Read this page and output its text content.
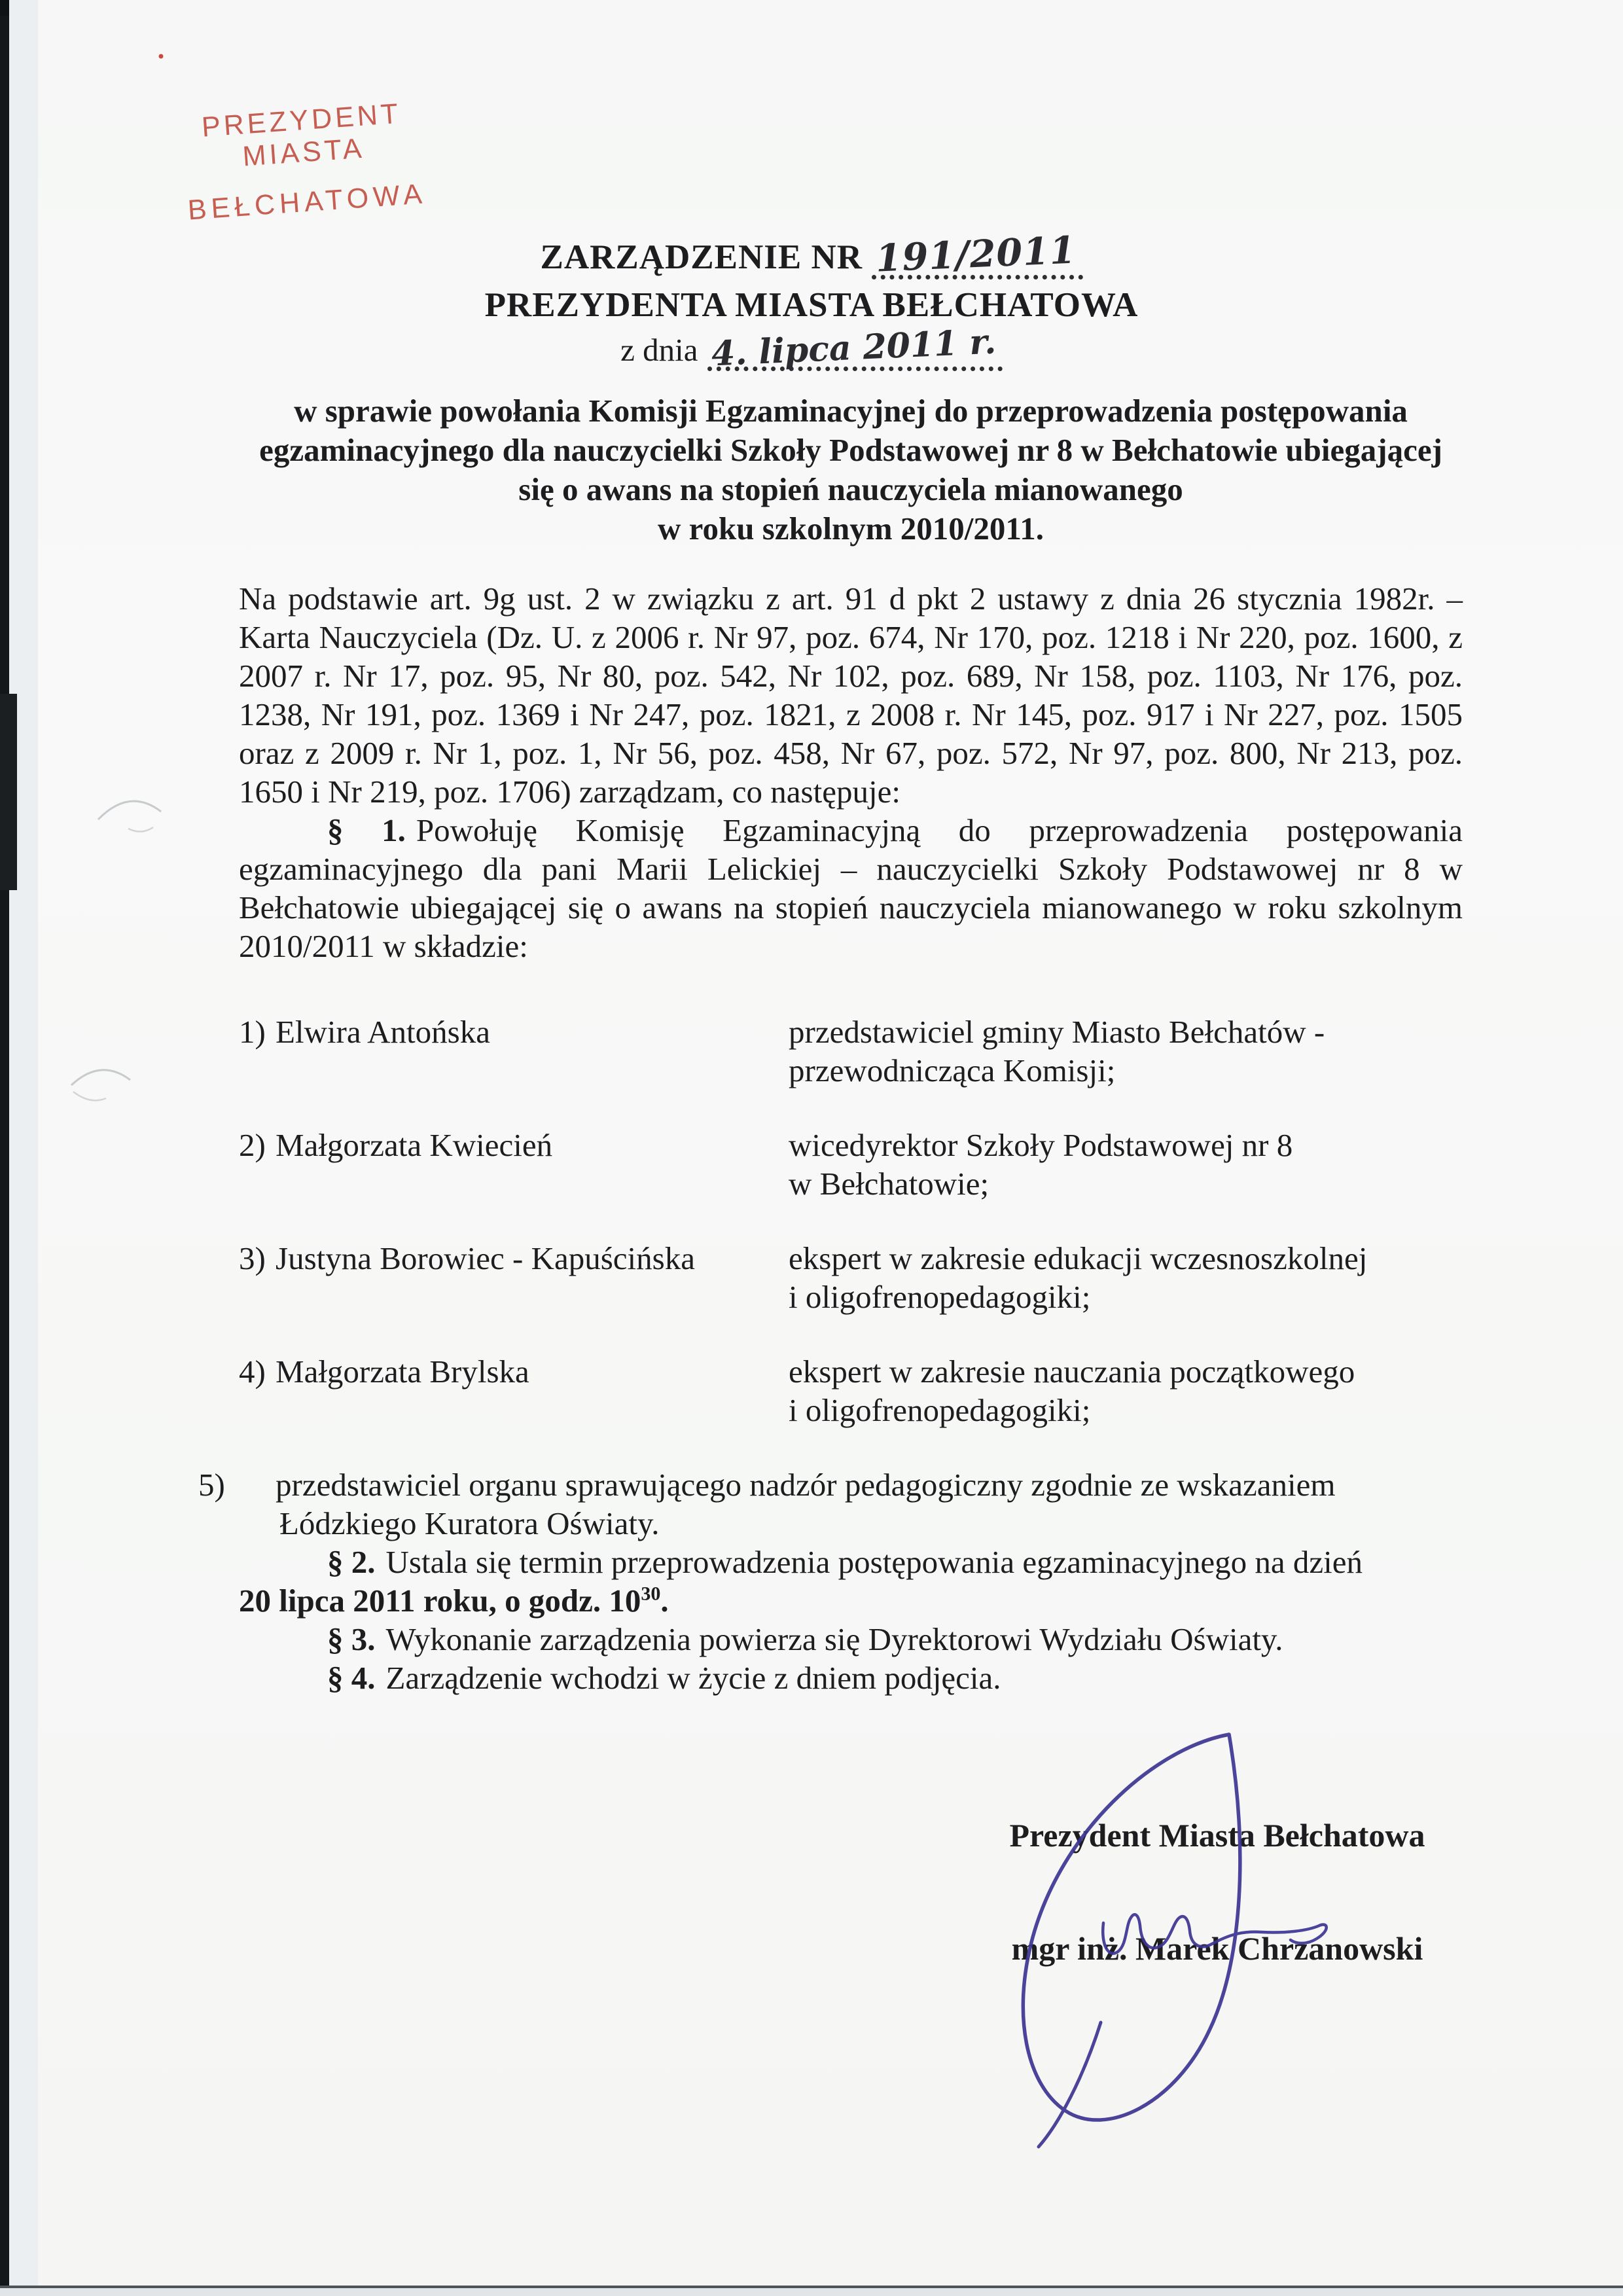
PREZYDENT MIASTA
BEŁCHATOWA
ZARZĄDZENIE NR 191/2011
PREZYDENTA MIASTA BEŁCHATOWA
z dnia 4. lipca 2011 r.
w sprawie powołania Komisji Egzaminacyjnej do przeprowadzenia postępowania
egzaminacyjnego dla nauczycielki Szkoły Podstawowej nr 8 w Bełchatowie ubiegającej
się o awans na stopień nauczyciela mianowanego
w roku szkolnym 2010/2011.

Na podstawie art. 9g ust. 2 w związku z art. 91 d pkt 2 ustawy z dnia 26 stycznia 1982r. – Karta Nauczyciela (Dz. U. z 2006 r. Nr 97, poz. 674, Nr 170, poz. 1218 i Nr 220, poz. 1600, z 2007 r. Nr 17, poz. 95, Nr 80, poz. 542, Nr 102, poz. 689, Nr 158, poz. 1103, Nr 176, poz. 1238, Nr 191, poz. 1369 i Nr 247, poz. 1821, z 2008 r. Nr 145, poz. 917 i Nr 227, poz. 1505 oraz z 2009 r. Nr 1, poz. 1, Nr 56, poz. 458, Nr 67, poz. 572, Nr 97, poz. 800, Nr 213, poz. 1650 i Nr 219, poz. 1706) zarządzam, co następuje:

§ 1. Powołuję Komisję Egzaminacyjną do przeprowadzenia postępowania egzaminacyjnego dla pani Marii Lelickiej – nauczycielki Szkoły Podstawowej nr 8 w Bełchatowie ubiegającej się o awans na stopień nauczyciela mianowanego w roku szkolnym 2010/2011 w składzie:

1) Elwira Antońska	przedstawiciel gminy Miasto Bełchatów -
przewodnicząca Komisji;
2) Małgorzata Kwiecień	wicedyrektor Szkoły Podstawowej nr 8
w Bełchatowie;
3) Justyna Borowiec - Kapuścińska	ekspert w zakresie edukacji wczesnoszkolnej
i oligofrenopedagogiki;
4) Małgorzata Brylska	ekspert w zakresie nauczania początkowego
i oligofrenopedagogiki;

5) przedstawiciel organu sprawującego nadzór pedagogiczny zgodnie ze wskazaniem
Łódzkiego Kuratora Oświaty.

§ 2. Ustala się termin przeprowadzenia postępowania egzaminacyjnego na dzień
20 lipca 2011 roku, o godz. $10^{30}$.

§ 3. Wykonanie zarządzenia powierza się Dyrektorowi Wydziału Oświaty.

§ 4. Zarządzenie wchodzi w życie z dniem podjęcia.

Prezydent Miasta Bełchatowa
mgr inż. Marek Chrzanowski
